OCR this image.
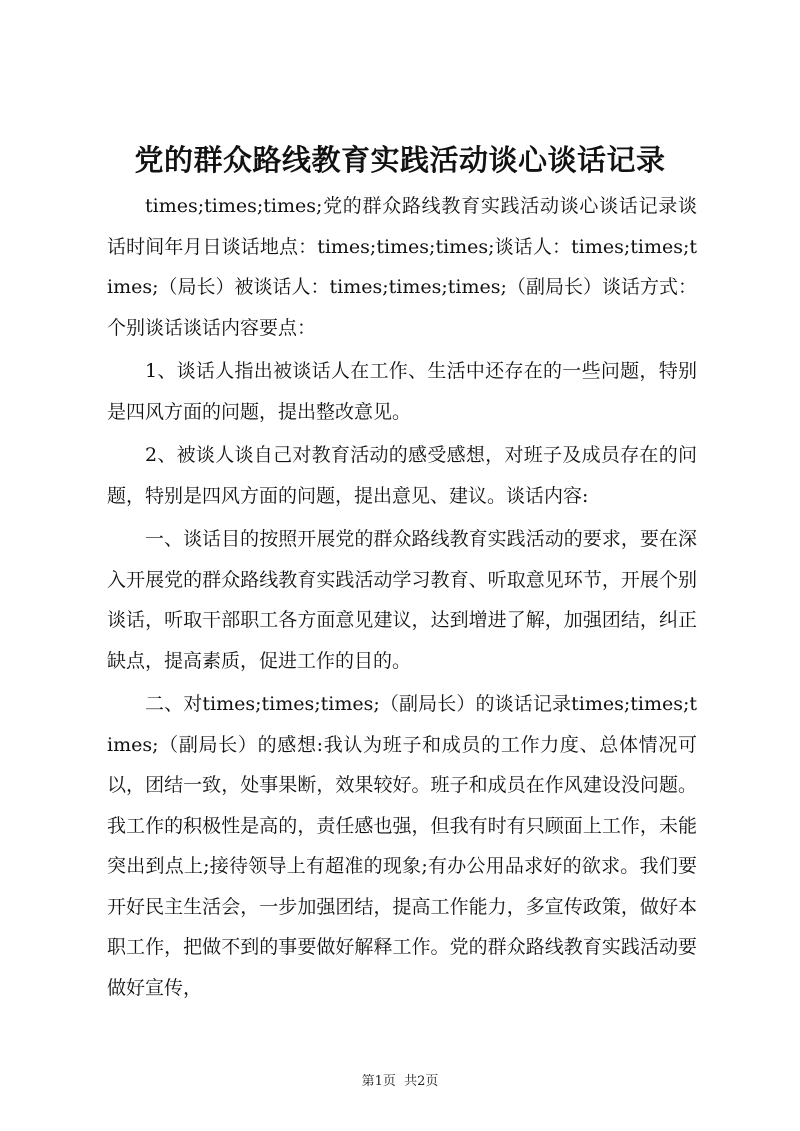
党的群众路线教育实践活动谈心谈话记录

times;times;times;党的群众路线教育实践活动谈心谈话记录谈话时间年月日谈话地点：times;times;times;谈话人：times;times;times;（局长）被谈话人：times;times;times;（副局长）谈话方式：个别谈话谈话内容要点：

1、谈话人指出被谈话人在工作、生活中还存在的一些问题，特别是四风方面的问题，提出整改意见。

2、被谈人谈自己对教育活动的感受感想，对班子及成员存在的问题，特别是四风方面的问题，提出意见、建议。谈话内容:

一、谈话目的按照开展党的群众路线教育实践活动的要求，要在深入开展党的群众路线教育实践活动学习教育、听取意见环节，开展个别谈话，听取干部职工各方面意见建议，达到增进了解，加强团结，纠正缺点，提高素质，促进工作的目的。

二、对times;times;times;（副局长）的谈话记录times;times;times;（副局长）的感想:我认为班子和成员的工作力度、总体情况可以，团结一致，处事果断，效果较好。班子和成员在作风建设没问题。我工作的积极性是高的，责任感也强，但我有时有只顾面上工作，未能突出到点上;接待领导上有超准的现象;有办公用品求好的欲求。我们要开好民主生活会，一步加强团结，提高工作能力，多宣传政策，做好本职工作，把做不到的事要做好解释工作。党的群众路线教育实践活动要做好宣传，

第1页 共2页
